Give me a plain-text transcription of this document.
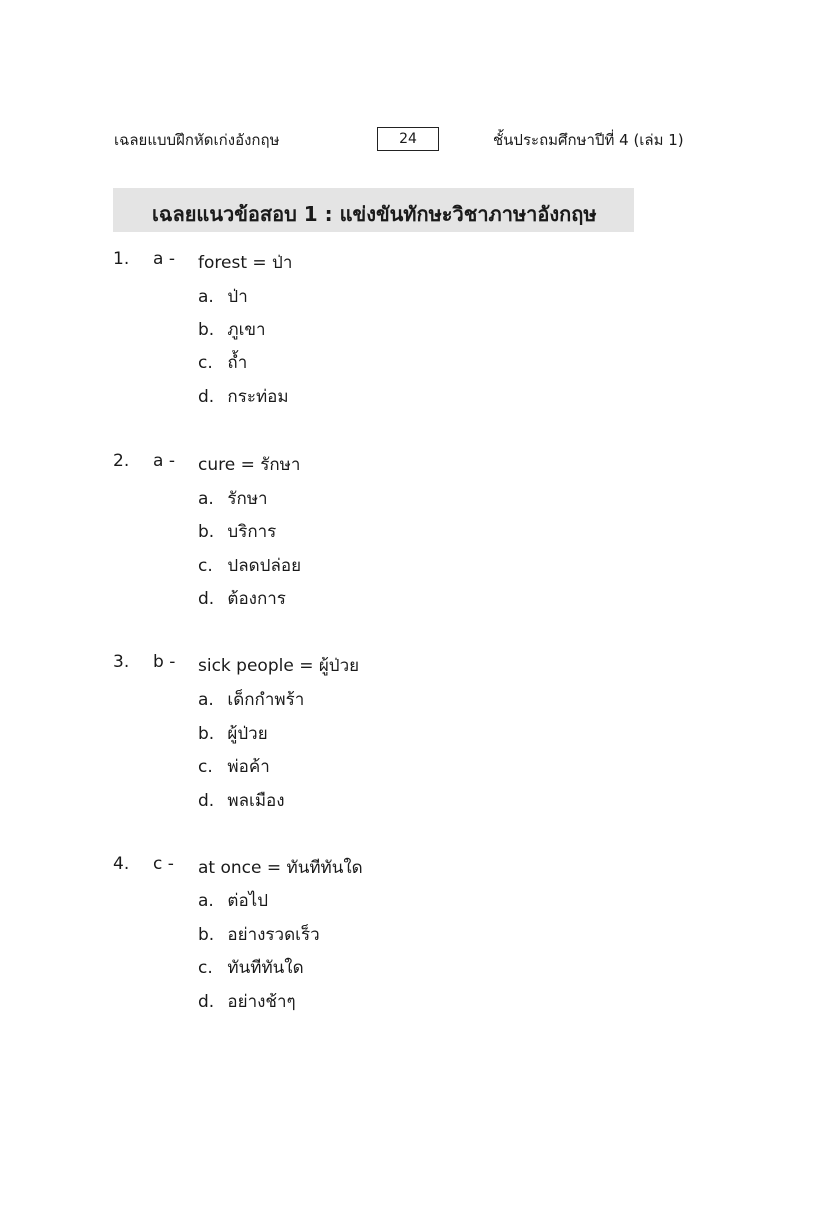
เฉลยแบบฝึกหัดเก่งอังกฤษ	24	ชั้นประถมศึกษาปีที่ 4 (เล่ม 1)
เฉลยแนวข้อสอบ 1 : แข่งขันทักษะวิชาภาษาอังกฤษ
1. a - forest = ป่า
a. ป่า
b. ภูเขา
c. ถ้ำ
d. กระท่อม
2. a - cure = รักษา
a. รักษา
b. บริการ
c. ปลดปล่อย
d. ต้องการ
3. b - sick people = ผู้ป่วย
a. เด็กกำพร้า
b. ผู้ป่วย
c. พ่อค้า
d. พลเมือง
4. c - at once = ทันทีทันใด
a. ต่อไป
b. อย่างรวดเร็ว
c. ทันทีทันใด
d. อย่างช้าๆ
